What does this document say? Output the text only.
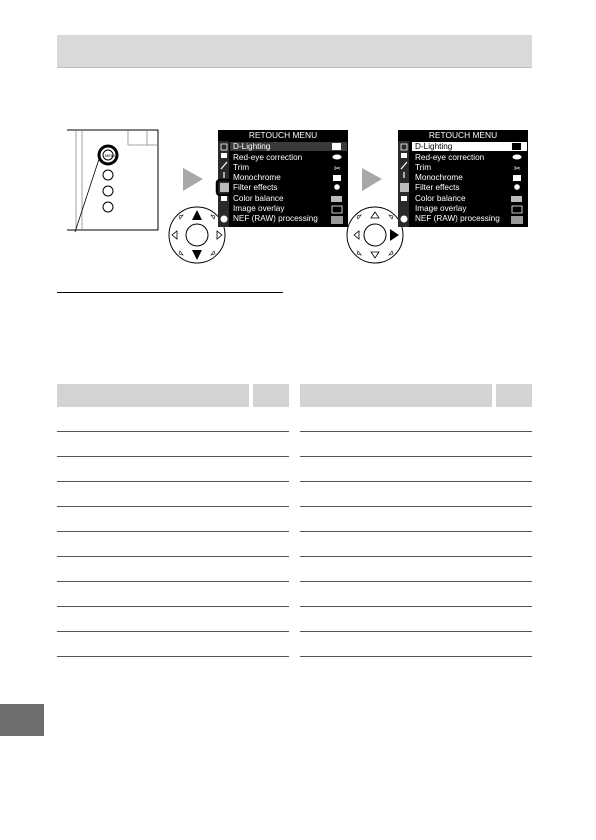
MENU
RETOUCH MENU
D-Lighting
Red-eye correction
Trim
Monochrome
Filter effects
Color balance
Image overlay
NEF (RAW) processing
✂
RETOUCH MENU
D-Lighting
Red-eye correction
Trim
Monochrome
Filter effects
Color balance
Image overlay
NEF (RAW) processing
✂
